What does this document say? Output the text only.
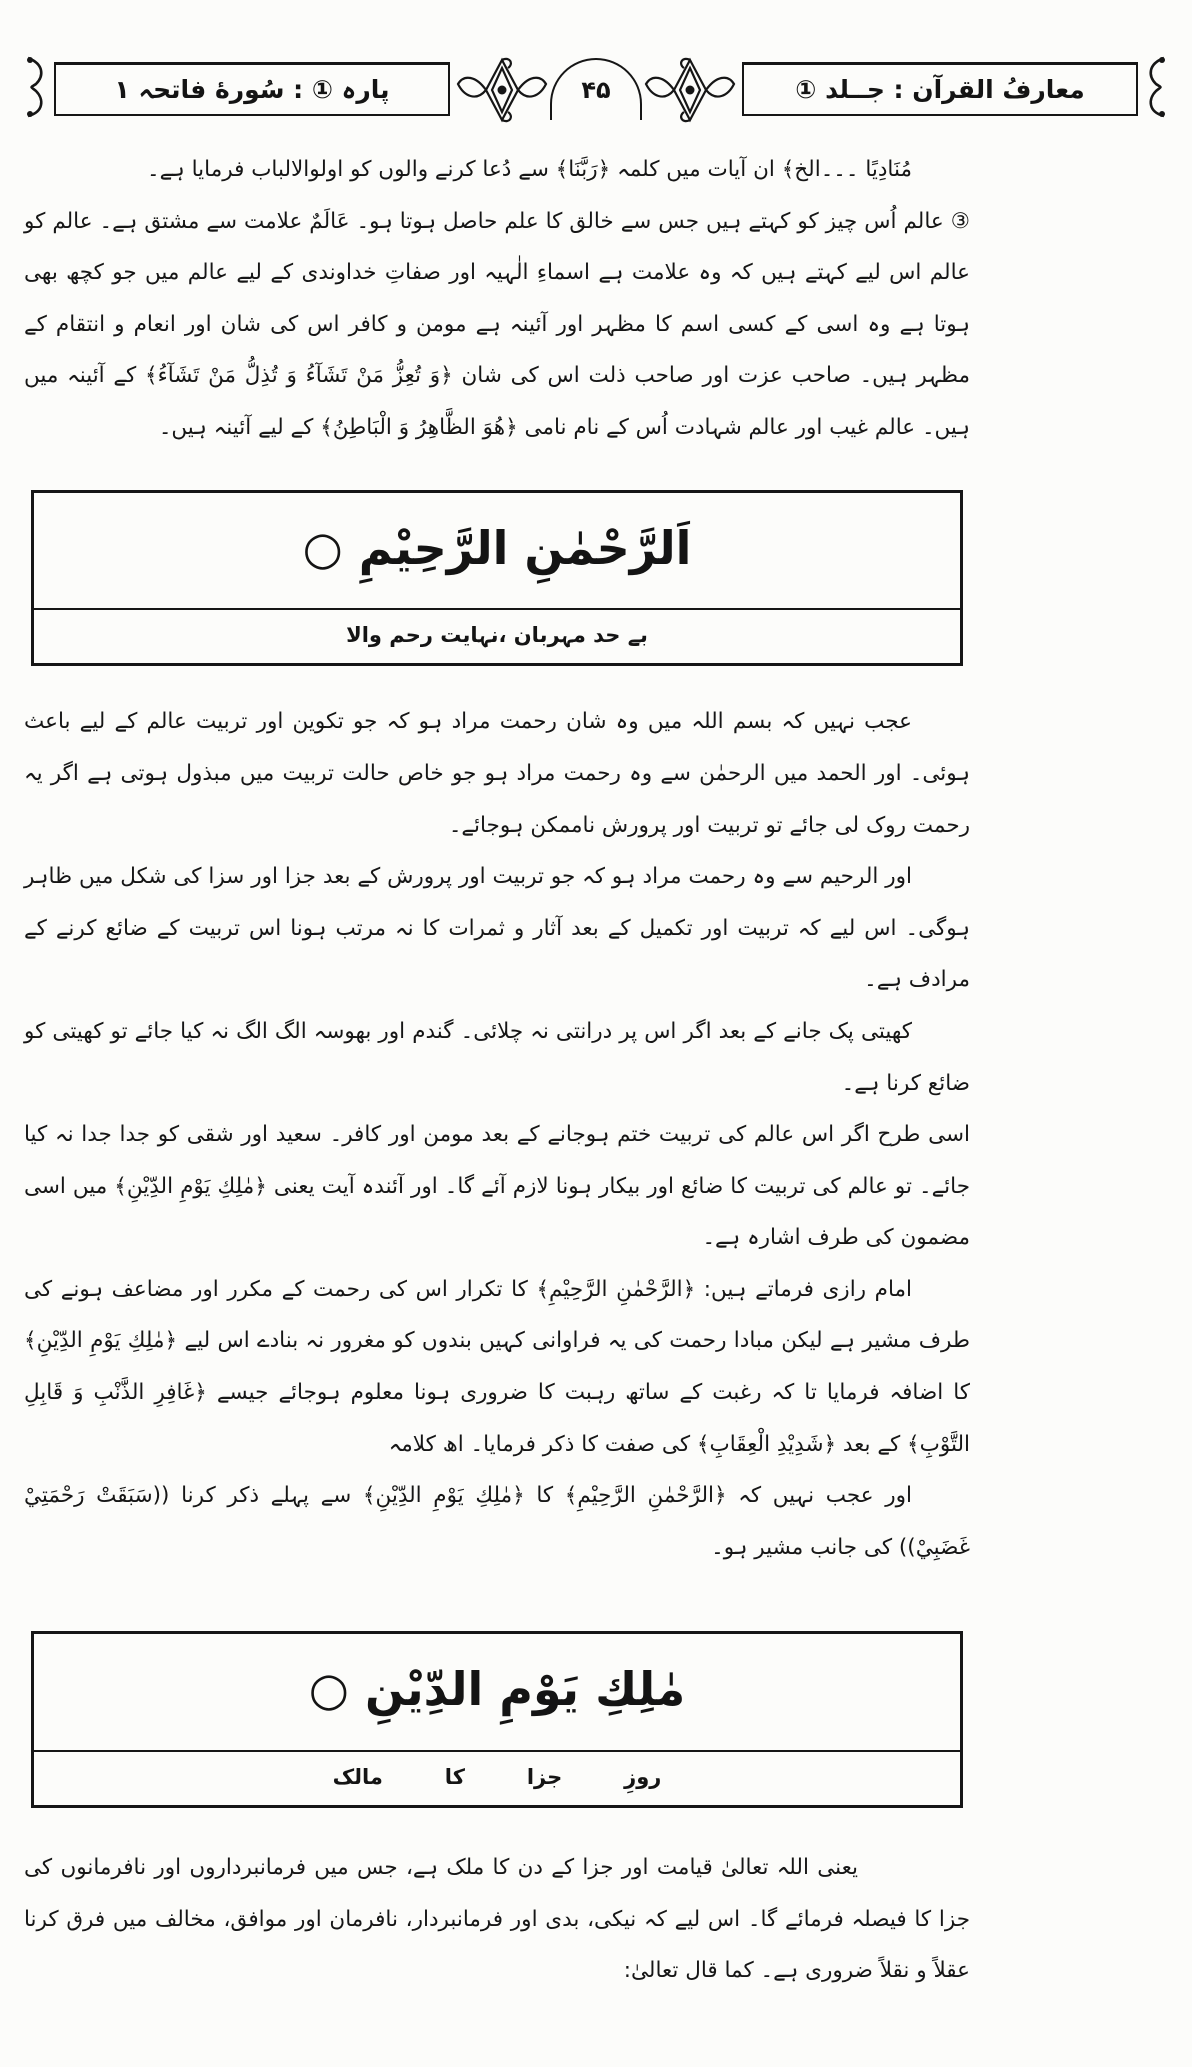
معارفُ القرآن : جــلد ①
۴۵
پارہ ① : سُورهٔ فاتحہ ۱

مُنَادِيًا ۔۔۔الخ﴾ ان آیات میں کلمہ ﴿رَبَّنَا﴾ سے دُعا کرنے والوں کو اولوالالباب فرمایا ہے۔

③ عالم اُس چیز کو کہتے ہیں جس سے خالق کا علم حاصل ہوتا ہو۔ عَالَمٌ علامت سے مشتق ہے۔ عالم کو عالم اس لیے کہتے ہیں کہ وہ علامت ہے اسماءِ الٰہیہ اور صفاتِ خداوندی کے لیے عالم میں جو کچھ بھی ہوتا ہے وہ اسی کے کسی اسم کا مظہر اور آئینہ ہے مومن و کافر اس کی شان اور انعام و انتقام کے مظہر ہیں۔ صاحب عزت اور صاحب ذلت اس کی شان ﴿وَ تُعِزُّ مَنْ تَشَآءُ وَ تُذِلُّ مَنْ تَشَآءُ﴾ کے آئینہ میں ہیں۔ عالم غیب اور عالم شہادت اُس کے نام نامی ﴿هُوَ الظَّاهِرُ وَ الْبَاطِنُ﴾ کے لیے آئینہ ہیں۔

اَلرَّحْمٰنِ الرَّحِيْمِ ○
بے حد مہربان ،نہایت رحم والا

عجب نہیں کہ بسم اللہ میں وہ شان رحمت مراد ہو کہ جو تکوین اور تربیت عالم کے لیے باعث ہوئی۔ اور الحمد میں الرحمٰن سے وہ رحمت مراد ہو جو خاص حالت تربیت میں مبذول ہوتی ہے اگر یہ رحمت روک لی جائے تو تربیت اور پرورش ناممکن ہوجائے۔

اور الرحیم سے وہ رحمت مراد ہو کہ جو تربیت اور پرورش کے بعد جزا اور سزا کی شکل میں ظاہر ہوگی۔ اس لیے کہ تربیت اور تکمیل کے بعد آثار و ثمرات کا نہ مرتب ہونا اس تربیت کے ضائع کرنے کے مرادف ہے۔

کھیتی پک جانے کے بعد اگر اس پر درانتی نہ چلائی۔ گندم اور بھوسہ الگ الگ نہ کیا جائے تو کھیتی کو ضائع کرنا ہے۔

اسی طرح اگر اس عالم کی تربیت ختم ہوجانے کے بعد مومن اور کافر۔ سعید اور شقی کو جدا جدا نہ کیا جائے۔ تو عالم کی تربیت کا ضائع اور بیکار ہونا لازم آئے گا۔ اور آئندہ آیت یعنی ﴿مٰلِكِ يَوْمِ الدِّيْنِ﴾ میں اسی مضمون کی طرف اشارہ ہے۔

امام رازی فرماتے ہیں: ﴿الرَّحْمٰنِ الرَّحِيْمِ﴾ کا تکرار اس کی رحمت کے مکرر اور مضاعف ہونے کی طرف مشیر ہے لیکن مبادا رحمت کی یہ فراوانی کہیں بندوں کو مغرور نہ بنادے اس لیے ﴿مٰلِكِ يَوْمِ الدِّيْنِ﴾ کا اضافہ فرمایا تا کہ رغبت کے ساتھ رہبت کا ضروری ہونا معلوم ہوجائے جیسے ﴿غَافِرِ الذَّنْبِ وَ قَابِلِ التَّوْبِ﴾ کے بعد ﴿شَدِيْدِ الْعِقَابِ﴾ کی صفت کا ذکر فرمایا۔ اھ کلامہ

اور عجب نہیں کہ ﴿الرَّحْمٰنِ الرَّحِيْمِ﴾ کا ﴿مٰلِكِ يَوْمِ الدِّيْنِ﴾ سے پہلے ذکر کرنا ((سَبَقَتْ رَحْمَتِيْ غَضَبِيْ)) کی جانب مشیر ہو۔

مٰلِكِ يَوْمِ الدِّيْنِ ○
روزِ جزا کا مالک

یعنی اللہ تعالیٰ قیامت اور جزا کے دن کا ملک ہے، جس میں فرمانبرداروں اور نافرمانوں کی جزا کا فیصلہ فرمائے گا۔ اس لیے کہ نیکی، بدی اور فرمانبردار، نافرمان اور موافق، مخالف میں فرق کرنا عقلاً و نقلاً ضروری ہے۔ کما قال تعالیٰ:
